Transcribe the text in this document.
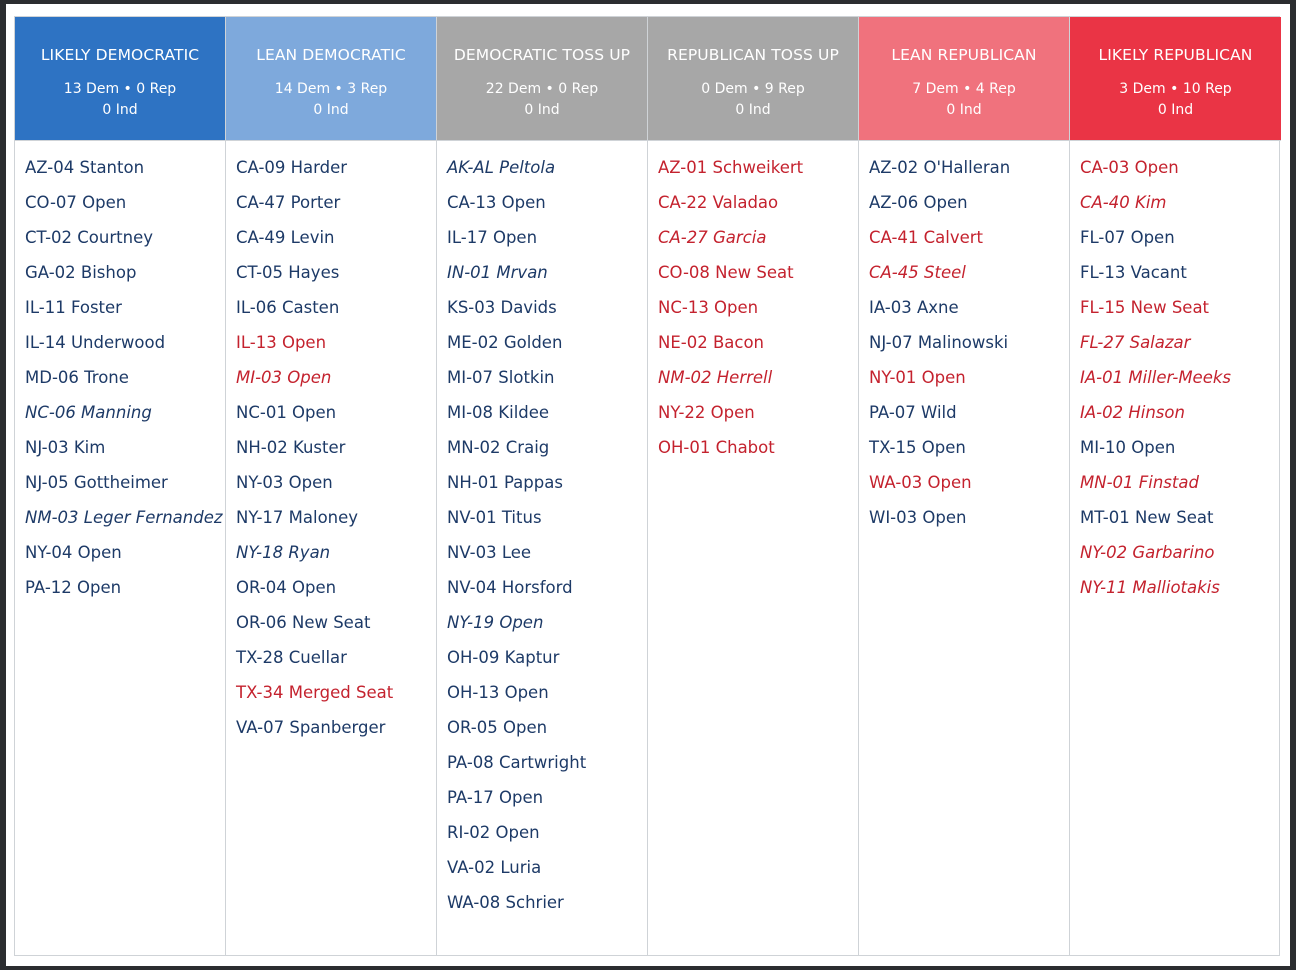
LIKELY DEMOCRATIC
13 Dem • 0 Rep
0 Ind
AZ-04 Stanton
CO-07 Open
CT-02 Courtney
GA-02 Bishop
IL-11 Foster
IL-14 Underwood
MD-06 Trone
NC-06 Manning
NJ-03 Kim
NJ-05 Gottheimer
NM-03 Leger Fernandez
NY-04 Open
PA-12 Open
LEAN DEMOCRATIC
14 Dem • 3 Rep
0 Ind
CA-09 Harder
CA-47 Porter
CA-49 Levin
CT-05 Hayes
IL-06 Casten
IL-13 Open
MI-03 Open
NC-01 Open
NH-02 Kuster
NY-03 Open
NY-17 Maloney
NY-18 Ryan
OR-04 Open
OR-06 New Seat
TX-28 Cuellar
TX-34 Merged Seat
VA-07 Spanberger
DEMOCRATIC TOSS UP
22 Dem • 0 Rep
0 Ind
AK-AL Peltola
CA-13 Open
IL-17 Open
IN-01 Mrvan
KS-03 Davids
ME-02 Golden
MI-07 Slotkin
MI-08 Kildee
MN-02 Craig
NH-01 Pappas
NV-01 Titus
NV-03 Lee
NV-04 Horsford
NY-19 Open
OH-09 Kaptur
OH-13 Open
OR-05 Open
PA-08 Cartwright
PA-17 Open
RI-02 Open
VA-02 Luria
WA-08 Schrier
REPUBLICAN TOSS UP
0 Dem • 9 Rep
0 Ind
AZ-01 Schweikert
CA-22 Valadao
CA-27 Garcia
CO-08 New Seat
NC-13 Open
NE-02 Bacon
NM-02 Herrell
NY-22 Open
OH-01 Chabot
LEAN REPUBLICAN
7 Dem • 4 Rep
0 Ind
AZ-02 O'Halleran
AZ-06 Open
CA-41 Calvert
CA-45 Steel
IA-03 Axne
NJ-07 Malinowski
NY-01 Open
PA-07 Wild
TX-15 Open
WA-03 Open
WI-03 Open
LIKELY REPUBLICAN
3 Dem • 10 Rep
0 Ind
CA-03 Open
CA-40 Kim
FL-07 Open
FL-13 Vacant
FL-15 New Seat
FL-27 Salazar
IA-01 Miller-Meeks
IA-02 Hinson
MI-10 Open
MN-01 Finstad
MT-01 New Seat
NY-02 Garbarino
NY-11 Malliotakis
